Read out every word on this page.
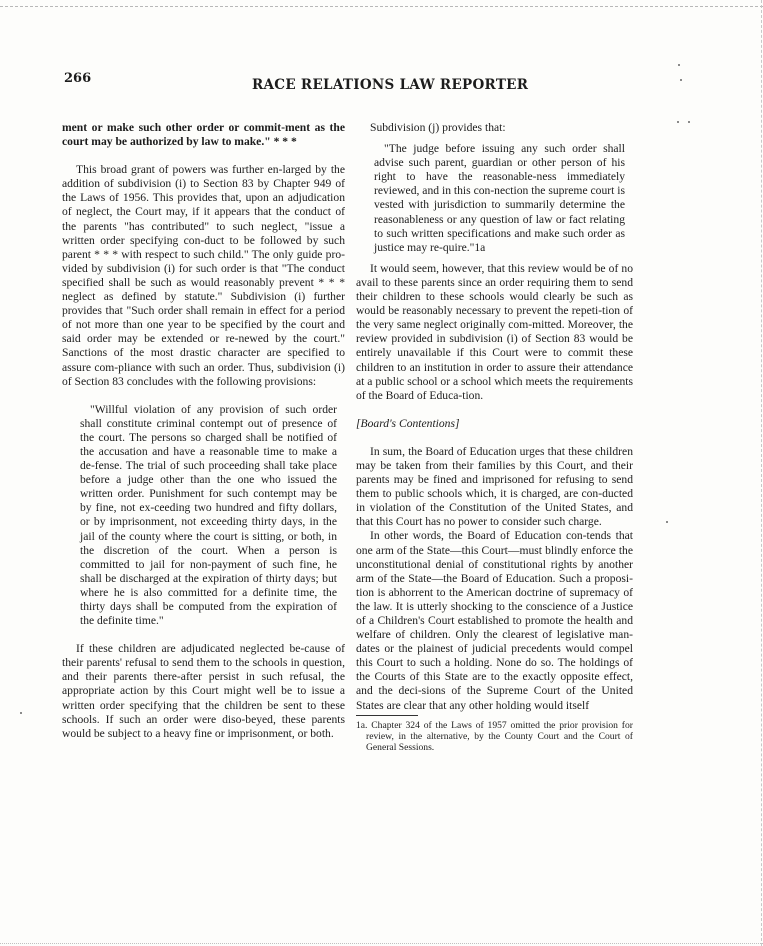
266	RACE RELATIONS LAW REPORTER

ment or make such other order or commit-ment as the court may be authorized by law to make." * * *

This broad grant of powers was further en-larged by the addition of subdivision (i) to Section 83 by Chapter 949 of the Laws of 1956. This provides that, upon an adjudication of neglect, the Court may, if it appears that the conduct of the parents "has contributed" to such neglect, "issue a written order specifying con-duct to be followed by such parent * * * with respect to such child." The only guide pro-vided by subdivision (i) for such order is that "The conduct specified shall be such as would reasonably prevent * * * neglect as defined by statute." Subdivision (i) further provides that "Such order shall remain in effect for a period of not more than one year to be specified by the court and said order may be extended or re-newed by the court." Sanctions of the most drastic character are specified to assure com-pliance with such an order. Thus, subdivision (i) of Section 83 concludes with the following provisions:

"Willful violation of any provision of such order shall constitute criminal contempt out of presence of the court. The persons so charged shall be notified of the accusation and have a reasonable time to make a de-fense. The trial of such proceeding shall take place before a judge other than the one who issued the written order. Punishment for such contempt may be by fine, not ex-ceeding two hundred and fifty dollars, or by imprisonment, not exceeding thirty days, in the jail of the county where the court is sitting, or both, in the discretion of the court. When a person is committed to jail for non-payment of such fine, he shall be discharged at the expiration of thirty days; but where he is also committed for a definite time, the thirty days shall be computed from the expiration of the definite time."

If these children are adjudicated neglected be-cause of their parents' refusal to send them to the schools in question, and their parents there-after persist in such refusal, the appropriate action by this Court might well be to issue a written order specifying that the children be sent to these schools. If such an order were diso-beyed, these parents would be subject to a heavy fine or imprisonment, or both.

Subdivision (j) provides that:

"The judge before issuing any such order shall advise such parent, guardian or other person of his right to have the reasonable-ness immediately reviewed, and in this con-nection the supreme court is vested with jurisdiction to summarily determine the reasonableness or any question of law or fact relating to such written specifications and make such order as justice may re-quire."1a

It would seem, however, that this review would be of no avail to these parents since an order requiring them to send their children to these schools would clearly be such as would be reasonably necessary to prevent the repeti-tion of the very same neglect originally com-mitted. Moreover, the review provided in subdivision (i) of Section 83 would be entirely unavailable if this Court were to commit these children to an institution in order to assure their attendance at a public school or a school which meets the requirements of the Board of Educa-tion.

[Board's Contentions]

In sum, the Board of Education urges that these children may be taken from their families by this Court, and their parents may be fined and imprisoned for refusing to send them to public schools which, it is charged, are con-ducted in violation of the Constitution of the United States, and that this Court has no power to consider such charge.

In other words, the Board of Education con-tends that one arm of the State—this Court—must blindly enforce the unconstitutional denial of constitutional rights by another arm of the State—the Board of Education. Such a proposi-tion is abhorrent to the American doctrine of supremacy of the law. It is utterly shocking to the conscience of a Justice of a Children's Court established to promote the health and welfare of children. Only the clearest of legislative man-dates or the plainest of judicial precedents would compel this Court to such a holding. None do so. The holdings of the Courts of this State are to the exactly opposite effect, and the deci-sions of the Supreme Court of the United States are clear that any other holding would itself

1a. Chapter 324 of the Laws of 1957 omitted the prior provision for review, in the alternative, by the County Court and the Court of General Sessions.
